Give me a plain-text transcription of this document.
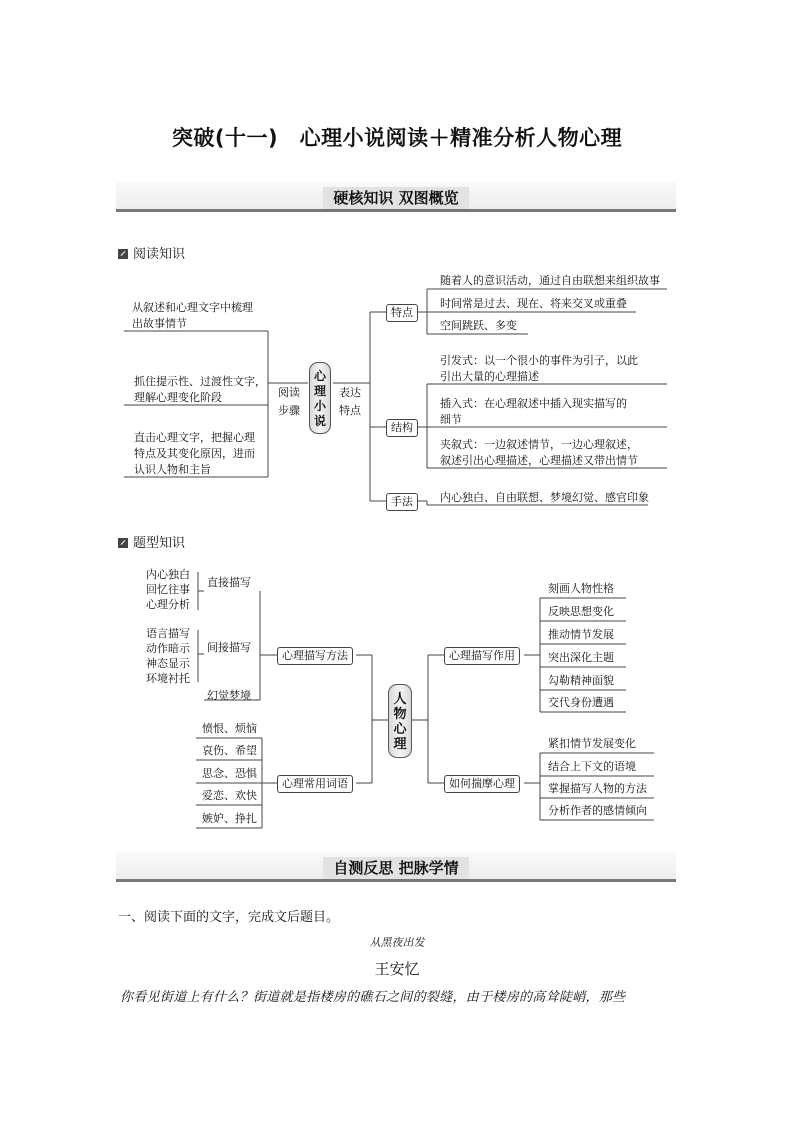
突破(十一)　心理小说阅读＋精准分析人物心理
硬核知识 双图概览
阅读知识
从叙述和心理文字中梳理
出故事情节
抓住提示性、过渡性文字，
理解心理变化阶段
直击心理文字，把握心理
特点及其变化原因，进而
认识人物和主旨
阅读
步骤
心理小说
表达
特点
特点
结构
手法
随着人的意识活动，通过自由联想来组织故事
时间常是过去、现在、将来交叉或重叠
空间跳跃、多变
引发式：以一个很小的事件为引子，以此
引出大量的心理描述
插入式：在心理叙述中插入现实描写的
细节
夹叙式：一边叙述情节，一边心理叙述，
叙述引出心理描述，心理描述又带出情节
内心独白、自由联想、梦境幻觉、感官印象
题型知识
内心独白
回忆往事
心理分析
语言描写
动作暗示
神态显示
环境衬托
直接描写
间接描写
幻觉梦境
心理描写方法
心理常用词语
愤恨、烦恼
哀伤、希望
思念、恐惧
爱恋、欢快
嫉妒、挣扎
人物心理
心理描写作用
如何揣摩心理
刻画人物性格
反映思想变化
推动情节发展
突出深化主题
勾勒精神面貌
交代身份遭遇
紧扣情节发展变化
结合上下文的语境
掌握描写人物的方法
分析作者的感情倾向
自测反思 把脉学情
一、阅读下面的文字，完成文后题目。
从黑夜出发
王安忆
你看见街道上有什么？街道就是指楼房的礁石之间的裂缝，由于楼房的高耸陡峭，那些
